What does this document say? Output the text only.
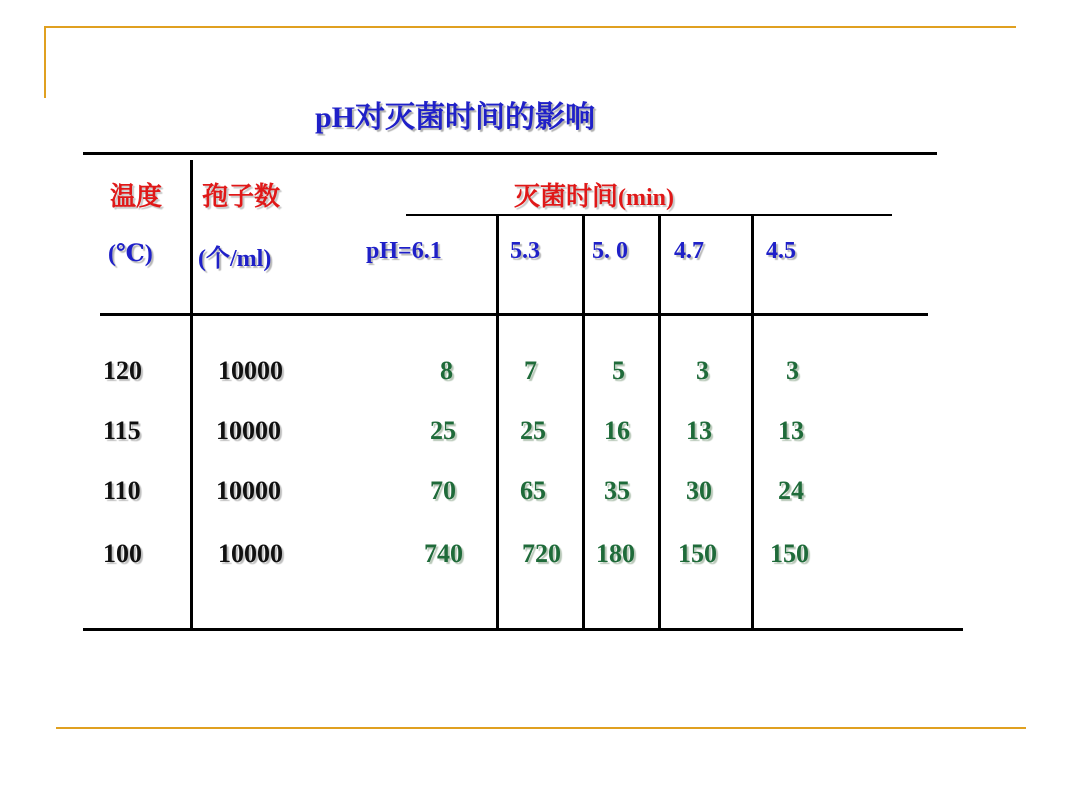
pH对灭菌时间的影响
温度 孢子数	灭菌时间(min)
(℃) (个/ml)	pH=6.1	5.3 5. 0 4.7	4.5
120	10000	8	7	5	3	3
115	10000	25 25 16 13	13
110	10000	70 65 35 30	24
100	10000	740 720 180 150 150
